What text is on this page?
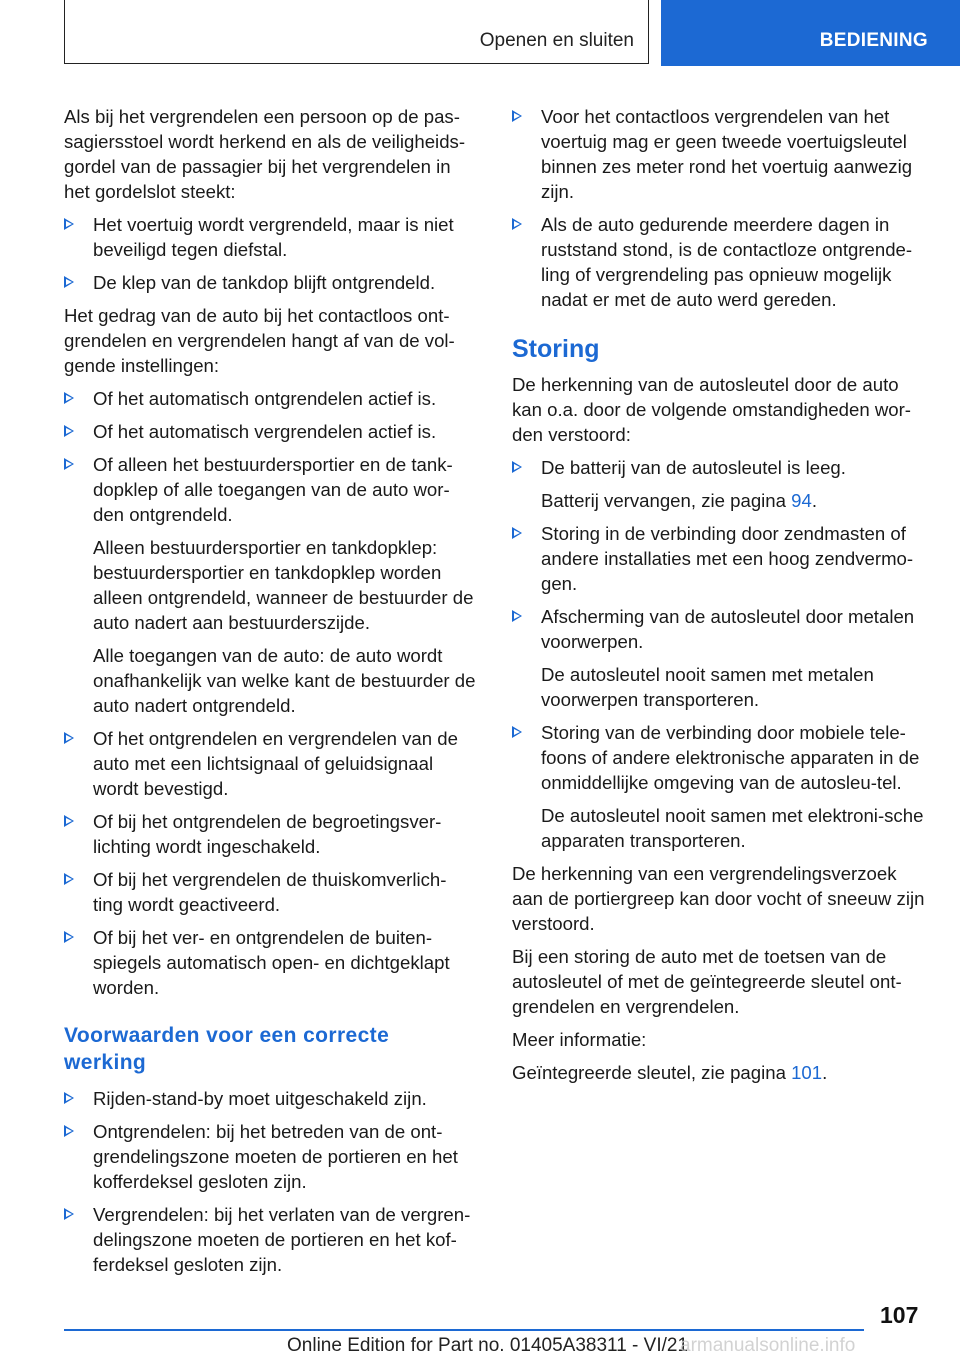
Openen en sluiten	BEDIENING

Als bij het vergrendelen een persoon op de pas-sagiersstoel wordt herkend en als de veiligheids-gordel van de passagier bij het vergrendelen in het gordelslot steekt:

Het voertuig wordt vergrendeld, maar is niet beveiligd tegen diefstal.
De klep van de tankdop blijft ontgrendeld.

Het gedrag van de auto bij het contactloos ont-grendelen en vergrendelen hangt af van de vol-gende instellingen:

Of het automatisch ontgrendelen actief is.
Of het automatisch vergrendelen actief is.
Of alleen het bestuurdersportier en de tank-dopklep of alle toegangen van de auto wor-den ontgrendeld.

Alleen bestuurdersportier en tankdopklep: bestuurdersportier en tankdopklep worden alleen ontgrendeld, wanneer de bestuurder de auto nadert aan bestuurderszijde.

Alle toegangen van de auto: de auto wordt onafhankelijk van welke kant de bestuurder de auto nadert ontgrendeld.

Of het ontgrendelen en vergrendelen van de auto met een lichtsignaal of geluidsignaal wordt bevestigd.
Of bij het ontgrendelen de begroetingsver-lichting wordt ingeschakeld.
Of bij het vergrendelen de thuiskomverlich-ting wordt geactiveerd.
Of bij het ver- en ontgrendelen de buiten-spiegels automatisch open- en dichtgeklapt worden.
Voorwaarden voor een correcte werking
Rijden-stand-by moet uitgeschakeld zijn.
Ontgrendelen: bij het betreden van de ont-grendelingszone moeten de portieren en het kofferdeksel gesloten zijn.
Vergrendelen: bij het verlaten van de vergren-delingszone moeten de portieren en het kof-ferdeksel gesloten zijn.
Voor het contactloos vergrendelen van het voertuig mag er geen tweede voertuigsleutel binnen zes meter rond het voertuig aanwezig zijn.
Als de auto gedurende meerdere dagen in ruststand stond, is de contactloze ontgrende-ling of vergrendeling pas opnieuw mogelijk nadat er met de auto werd gereden.
Storing

De herkenning van de autosleutel door de auto kan o.a. door de volgende omstandigheden wor-den verstoord:

De batterij van de autosleutel is leeg.

Batterij vervangen, zie pagina 94.

Storing in de verbinding door zendmasten of andere installaties met een hoog zendvermo-gen.
Afscherming van de autosleutel door metalen voorwerpen.

De autosleutel nooit samen met metalen voorwerpen transporteren.

Storing van de verbinding door mobiele tele-foons of andere elektronische apparaten in de onmiddellijke omgeving van de autosleu-tel.

De autosleutel nooit samen met elektroni-sche apparaten transporteren.

De herkenning van een vergrendelingsverzoek aan de portiergreep kan door vocht of sneeuw zijn verstoord.

Bij een storing de auto met de toetsen van de autosleutel of met de geïntegreerde sleutel ont-grendelen en vergrendelen.

Meer informatie:

Geïntegreerde sleutel, zie pagina 101.

107
Online Edition for Part no. 01405A38311 - VI/21
armanualsonline.info
